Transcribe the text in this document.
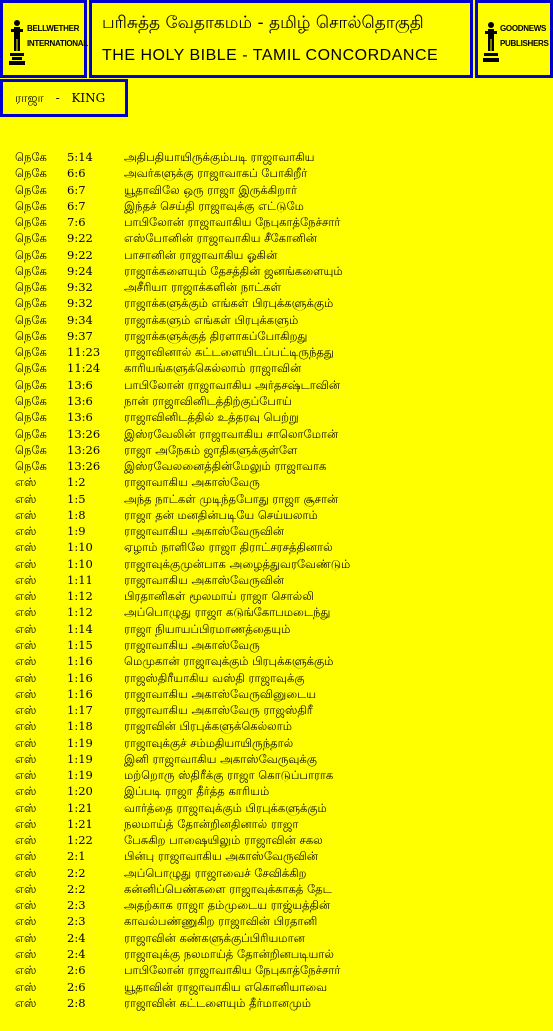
BELLWETHER
INTERNATIONAL
பரிசுத்த வேதாகமம் - தமிழ் சொல்தொகுதி
THE HOLY BIBLE - TAMIL CONCORDANCE
GOODNEWS
PUBLISHERS
ராஜா - KING
நெகே 5:14	அதிபதியாயிருக்கும்படி ராஜாவாகிய
நெகே 6:6	அவர்களுக்கு ராஜாவாகப் போகிறீர்
நெகே 6:7	யூதாவிலே ஒரு ராஜா இருக்கிறார்
நெகே 6:7	இந்தச் செய்தி ராஜாவுக்கு எட்டுமே
நெகே 7:6	பாபிலோன் ராஜாவாகிய நேபுகாத்நேச்சார்
நெகே 9:22	எஸ்போனின் ராஜாவாகிய சீகோனின்
நெகே 9:22	பாசானின் ராஜாவாகிய ஓகின்
நெகே 9:24	ராஜாக்களையும் தேசத்தின் ஜனங்களையும்
நெகே 9:32	அசீரியா ராஜாக்களின் நாட்கள்
நெகே 9:32	ராஜாக்களுக்கும் எங்கள் பிரபுக்களுக்கும்
நெகே 9:34	ராஜாக்களும் எங்கள் பிரபுக்களும்
நெகே 9:37	ராஜாக்களுக்குத் திரளாகப்போகிறது
நெகே 11:23 ராஜாவினால் கட்டளையிடப்பட்டிருந்தது
நெகே 11:24 காரியங்களுக்கெல்லாம் ராஜாவின்
நெகே 13:6	பாபிலோன் ராஜாவாகிய அர்தசஷ்டாவின்
நெகே 13:6	நான் ராஜாவினிடத்திற்குப்போய்
நெகே 13:6	ராஜாவினிடத்தில் உத்தரவு பெற்று
நெகே 13:26 இஸ்ரவேலின் ராஜாவாகிய சாலொமோன்
நெகே 13:26 ராஜா அநேகம் ஜாதிகளுக்குள்ளே
நெகே 13:26 இஸ்ரவேலனைத்தின்மேலும் ராஜாவாக
எஸ்	1:2	ராஜாவாகிய அகாஸ்வேரு
எஸ்	1:5	அந்த நாட்கள் முடிந்தபோது ராஜா சூசான்
எஸ்	1:8	ராஜா தன் மனதின்படியே செய்யலாம்
எஸ்	1:9	ராஜாவாகிய அகாஸ்வேருவின்
எஸ்	1:10	ஏழாம் நாளிலே ராஜா திராட்சரசத்தினால்
எஸ்	1:10	ராஜாவுக்குமுன்பாக அழைத்துவரவேண்டும்
எஸ்	1:11	ராஜாவாகிய அகாஸ்வேருவின்
எஸ்	1:12	பிரதானிகள் மூலமாய் ராஜா சொல்லி
எஸ்	1:12	அப்பொழுது ராஜா கடுங்கோபமடைந்து
எஸ்	1:14	ராஜா நியாயப்பிரமாணத்தையும்
எஸ்	1:15	ராஜாவாகிய அகாஸ்வேரு
எஸ்	1:16	மெமுகான் ராஜாவுக்கும் பிரபுக்களுக்கும்
எஸ்	1:16	ராஜஸ்திரீயாகிய வஸ்தி ராஜாவுக்கு
எஸ்	1:16	ராஜாவாகிய அகாஸ்வேருவினுடைய
எஸ்	1:17	ராஜாவாகிய அகாஸ்வேரு ராஜஸ்திரீ
எஸ்	1:18	ராஜாவின் பிரபுக்களுக்கெல்லாம்
எஸ்	1:19	ராஜாவுக்குச் சம்மதியாயிருந்தால்
எஸ்	1:19	இனி ராஜாவாகிய அகாஸ்வேருவுக்கு
எஸ்	1:19	மற்றொரு ஸ்திரீக்கு ராஜா கொடுப்பாராக
எஸ்	1:20	இப்படி ராஜா தீர்த்த காரியம்
எஸ்	1:21	வார்த்தை ராஜாவுக்கும் பிரபுக்களுக்கும்
எஸ்	1:21	நலமாய்த் தோன்றினதினால் ராஜா
எஸ்	1:22	பேசுகிற பாஷையிலும் ராஜாவின் சகல
எஸ்	2:1	பின்பு ராஜாவாகிய அகாஸ்வேருவின்
எஸ்	2:2	அப்பொழுது ராஜாவைச் சேவிக்கிற
எஸ்	2:2	கன்னிப்பெண்களை ராஜாவுக்காகத் தேட
எஸ்	2:3	அதற்காக ராஜா தம்முடைய ராஜ்யத்தின்
எஸ்	2:3	காவல்பண்ணுகிற ராஜாவின் பிரதானி
எஸ்	2:4	ராஜாவின் கண்களுக்குப்பிரியமான
எஸ்	2:4	ராஜாவுக்கு நலமாய்த் தோன்றினபடியால்
எஸ்	2:6	பாபிலோன் ராஜாவாகிய நேபுகாத்நேச்சார்
எஸ்	2:6	யூதாவின் ராஜாவாகிய எகொனியாவை
எஸ்	2:8	ராஜாவின் கட்டளையும் தீர்மானமும்
